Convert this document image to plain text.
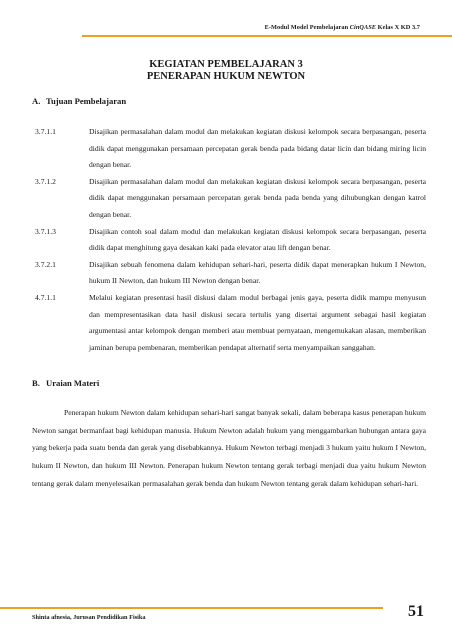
E-Modul Model Pembelajaran CinQASE Kelas X KD 3.7
KEGIATAN PEMBELAJARAN 3
PENERAPAN HUKUM NEWTON
A. Tujuan Pembelajaran
3.7.1.1	Disajikan permasalahan dalam modul dan melakukan kegiatan diskusi kelompok secara berpasangan, peserta didik dapat menggunakan persamaan percepatan gerak benda pada bidang datar licin dan bidang miring licin dengan benar.
3.7.1.2	Disajikan permasalahan dalam modul dan melakukan kegiatan diskusi kelompok secara berpasangan, peserta didik dapat menggunakan persamaan percepatan gerak benda pada benda yang dihubungkan dengan katrol dengan benar.
3.7.1.3	Disajikan contoh soal dalam modul dan melakukan kegiatan diskusi kelompok secara berpasangan, peserta didik dapat menghitung gaya desakan kaki pada elevator atau lift dengan benar.
3.7.2.1	Disajikan sebuah fenomena dalam kehidupan sehari-hari, peserta didik dapat menerapkan hukum I Newton, hukum II Newton, dan hukum III Newton dengan benar.
4.7.1.1	Melalui kegiatan presentasi hasil diskusi dalam modul berbagai jenis gaya, peserta didik mampu menyusun dan mempresentasikan data hasil diskusi secara tertulis yang disertai argument sebagai hasil kegiatan argumentasi antar kelompok dengan memberi atau membuat pernyataan, mengemukakan alasan, memberikan jaminan berupa pembenaran, memberikan pendapat alternatif serta menyampaikan sanggahan.
B. Uraian Materi

Penerapan hukum Newton dalam kehidupan sehari-hari sangat banyak sekali, dalam beberapa kasus penerapan hukum Newton sangat bermanfaat bagi kehidupan manusia. Hukum Newton adalah hukum yang menggambarkan hubungan antara gaya yang bekerja pada suatu benda dan gerak yang disebabkannya. Hukum Newton terbagi menjadi 3 hukum yaitu hukum I Newton, hukum II Newton, dan hukum III Newton. Penerapan hukum Newton tentang gerak terbagi menjadi dua yaitu hukum Newton tentang gerak dalam menyelesaikan permasalahan gerak benda dan hukum Newton tentang gerak dalam kehidupan sehari-hari.

Shinta afnesia, Jurusan Pendidikan Fisika	51
